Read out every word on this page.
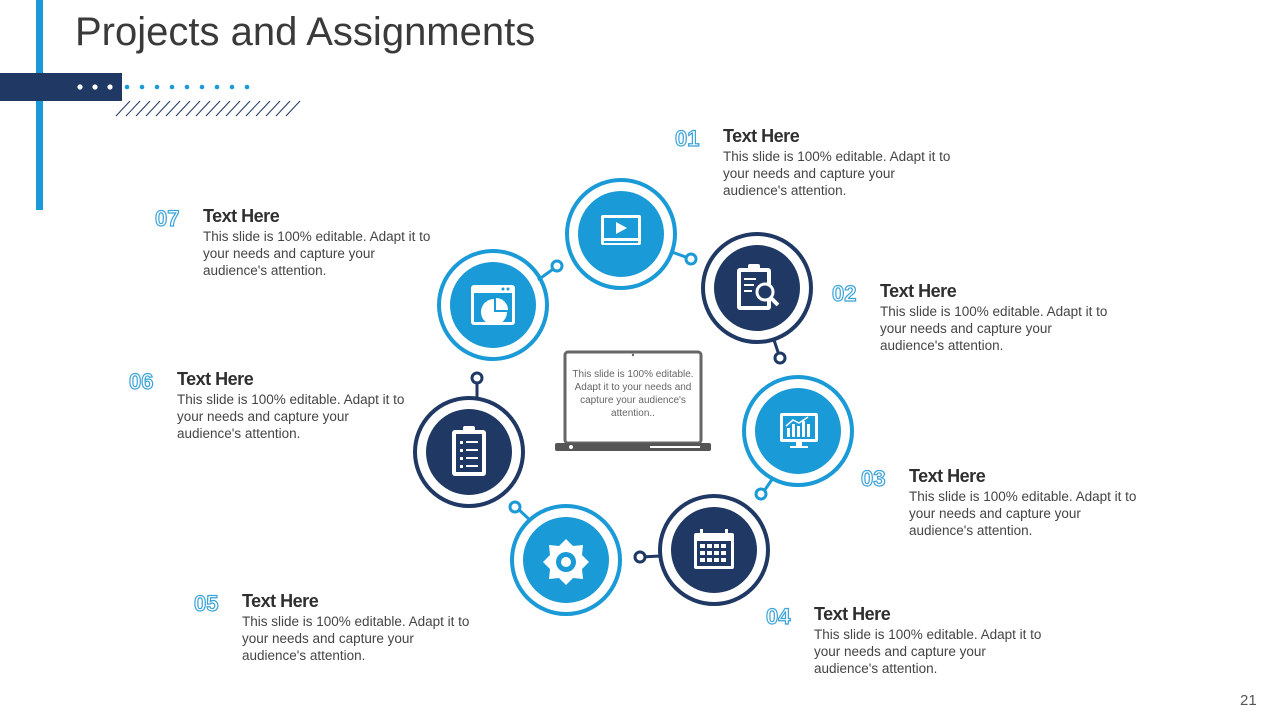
Projects and Assignments
This slide is 100% editable. Adapt it to your needs and capture your audience's attention..
01 Text Here
This slide is 100% editable. Adapt it to your needs and capture your audience's attention.
02 Text Here
This slide is 100% editable. Adapt it to your needs and capture your audience's attention.
03 Text Here
This slide is 100% editable. Adapt it to your needs and capture your audience's attention.
04 Text Here
This slide is 100% editable. Adapt it to your needs and capture your audience's attention.
05 Text Here
This slide is 100% editable. Adapt it to your needs and capture your audience's attention.
06 Text Here
This slide is 100% editable. Adapt it to your needs and capture your audience's attention.
07 Text Here
This slide is 100% editable. Adapt it to your needs and capture your audience's attention.
21
